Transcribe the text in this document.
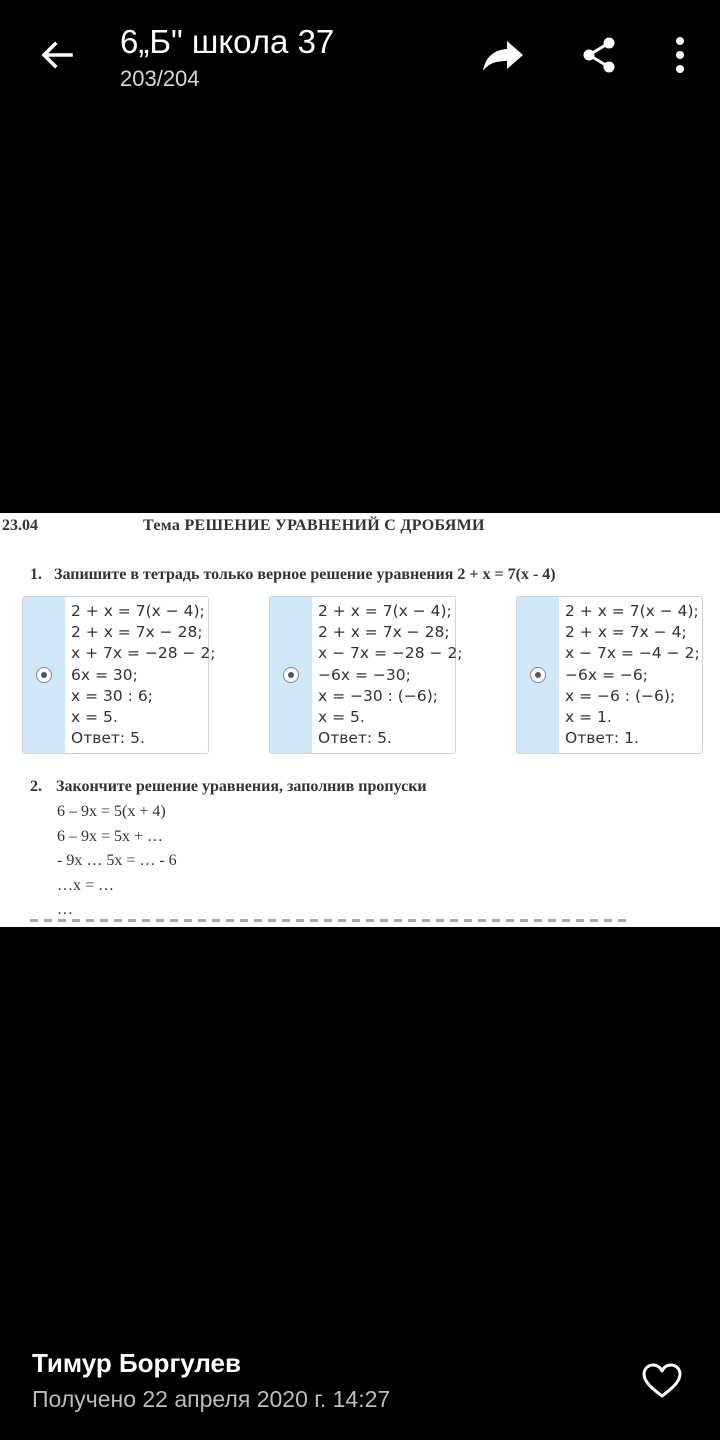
6„Б" школа 37
203/204
23.04	Тема РЕШЕНИЕ УРАВНЕНИЙ С ДРОБЯМИ
1. Запишите в тетрадь только верное решение уравнения 2 + х = 7(х - 4)
2 + x = 7(x − 4);
2 + x = 7x − 28;
x + 7x = −28 − 2;
6x = 30;
x = 30 : 6;
x = 5.
Ответ: 5.
2 + x = 7(x − 4);
2 + x = 7x − 28;
x − 7x = −28 − 2;
−6x = −30;
x = −30 : (−6);
x = 5.
Ответ: 5.
2 + x = 7(x − 4);
2 + x = 7x − 4;
x − 7x = −4 − 2;
−6x = −6;
x = −6 : (−6);
x = 1.
Ответ: 1.
2. Закончите решение уравнения, заполнив пропуски
6 – 9х = 5(х + 4)
6 – 9х = 5х + …
- 9х … 5х = … - 6
…х = …
…
Тимур Боргулев
Получено 22 апреля 2020 г. 14:27
